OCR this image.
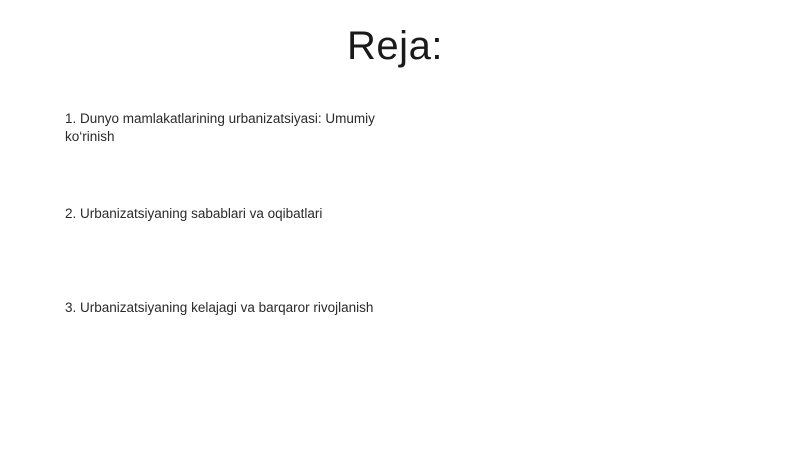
Reja:
1. Dunyo mamlakatlarining urbanizatsiyasi: Umumiy ko‘rinish
2. Urbanizatsiyaning sabablari va oqibatlari
3. Urbanizatsiyaning kelajagi va barqaror rivojlanish
